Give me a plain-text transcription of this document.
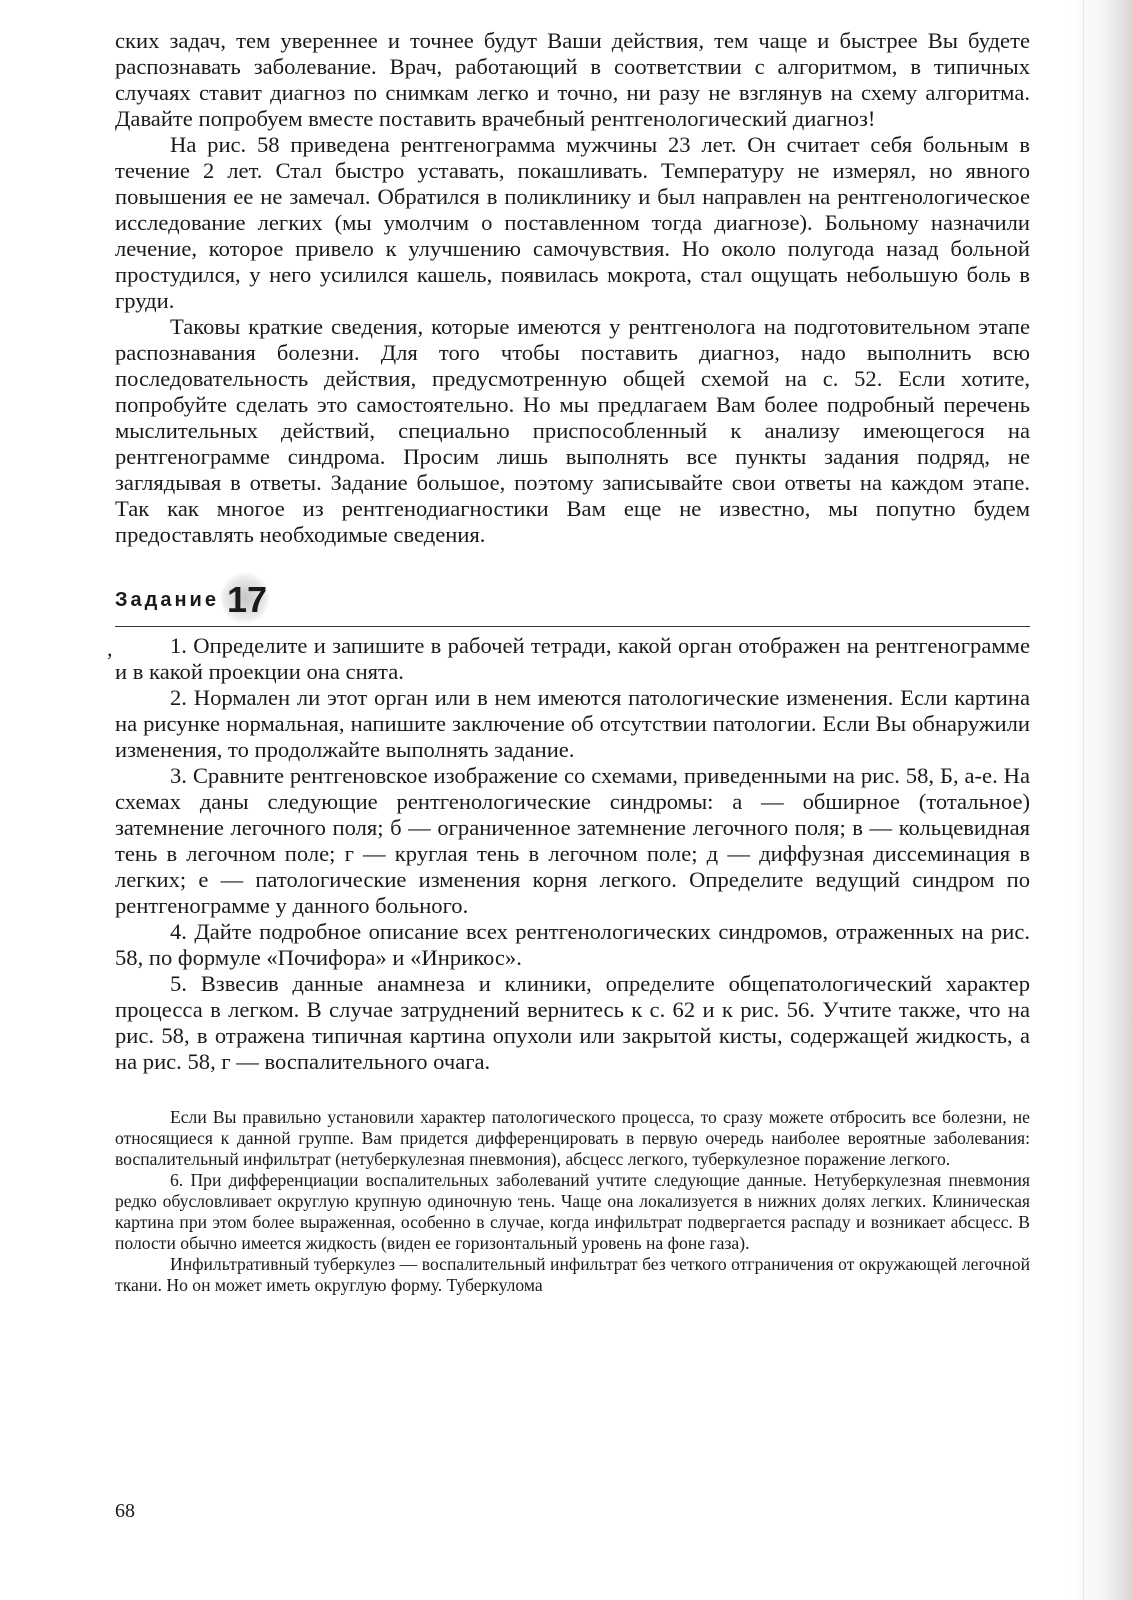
ских задач, тем увереннее и точнее будут Ваши действия, тем чаще и быстрее Вы будете распознавать заболевание. Врач, работающий в соответствии с алгоритмом, в типичных случаях ставит диагноз по снимкам легко и точно, ни разу не взглянув на схему алгоритма. Давайте попробуем вместе поставить врачебный рентгенологический диагноз!

На рис. 58 приведена рентгенограмма мужчины 23 лет. Он считает себя больным в течение 2 лет. Стал быстро уставать, покашливать. Температуру не измерял, но явного повышения ее не замечал. Обратился в поликлинику и был направлен на рентгенологическое исследование легких (мы умолчим о поставленном тогда диагнозе). Больному назначили лечение, которое привело к улучшению самочувствия. Но около полугода назад больной простудился, у него усилился кашель, появилась мокрота, стал ощущать небольшую боль в груди.

Таковы краткие сведения, которые имеются у рентгенолога на подготовительном этапе распознавания болезни. Для того чтобы поставить диагноз, надо выполнить всю последовательность действия, предусмотренную общей схемой на с. 52. Если хотите, попробуйте сделать это самостоятельно. Но мы предлагаем Вам более подробный перечень мыслительных действий, специально приспособленный к анализу имеющегося на рентгенограмме синдрома. Просим лишь выполнять все пункты задания подряд, не заглядывая в ответы. Задание большое, поэтому записывайте свои ответы на каждом этапе. Так как многое из рентгенодиагностики Вам еще не известно, мы попутно будем предоставлять необходимые сведения.

Задание 17
,	1. Определите и запишите в рабочей тетради, какой орган отображен на рентгенограмме и в какой проекции она снята.

2. Нормален ли этот орган или в нем имеются патологические изменения. Если картина на рисунке нормальная, напишите заключение об отсутствии патологии. Если Вы обнаружили изменения, то продолжайте выполнять задание.

3. Сравните рентгеновское изображение со схемами, приведенными на рис. 58, Б, а-е. На схемах даны следующие рентгенологические синдромы: а — обширное (тотальное) затемнение легочного поля; б — ограниченное затемнение легочного поля; в — кольцевидная тень в легочном поле; г — круглая тень в легочном поле; д — диффузная диссеминация в легких; е — патологические изменения корня легкого. Определите ведущий синдром по рентгенограмме у данного больного.

4. Дайте подробное описание всех рентгенологических синдромов, отраженных на рис. 58, по формуле «Почифора» и «Инрикос».

5. Взвесив данные анамнеза и клиники, определите общепатологический характер процесса в легком. В случае затруднений вернитесь к с. 62 и к рис. 56. Учтите также, что на рис. 58, в отражена типичная картина опухоли или закрытой кисты, содержащей жидкость, а на рис. 58, г — воспалительного очага.

Если Вы правильно установили характер патологического процесса, то сразу можете отбросить все болезни, не относящиеся к данной группе. Вам придется дифференцировать в первую очередь наиболее вероятные заболевания: воспалительный инфильтрат (нетуберкулезная пневмония), абсцесс легкого, туберкулезное поражение легкого.

6. При дифференциации воспалительных заболеваний учтите следующие данные. Нетуберкулезная пневмония редко обусловливает округлую крупную одиночную тень. Чаще она локализуется в нижних долях легких. Клиническая картина при этом более выраженная, особенно в случае, когда инфильтрат подвергается распаду и возникает абсцесс. В полости обычно имеется жидкость (виден ее горизонтальный уровень на фоне газа).

Инфильтративный туберкулез — воспалительный инфильтрат без четкого отграничения от окружающей легочной ткани. Но он может иметь округлую форму. Туберкулома

68
